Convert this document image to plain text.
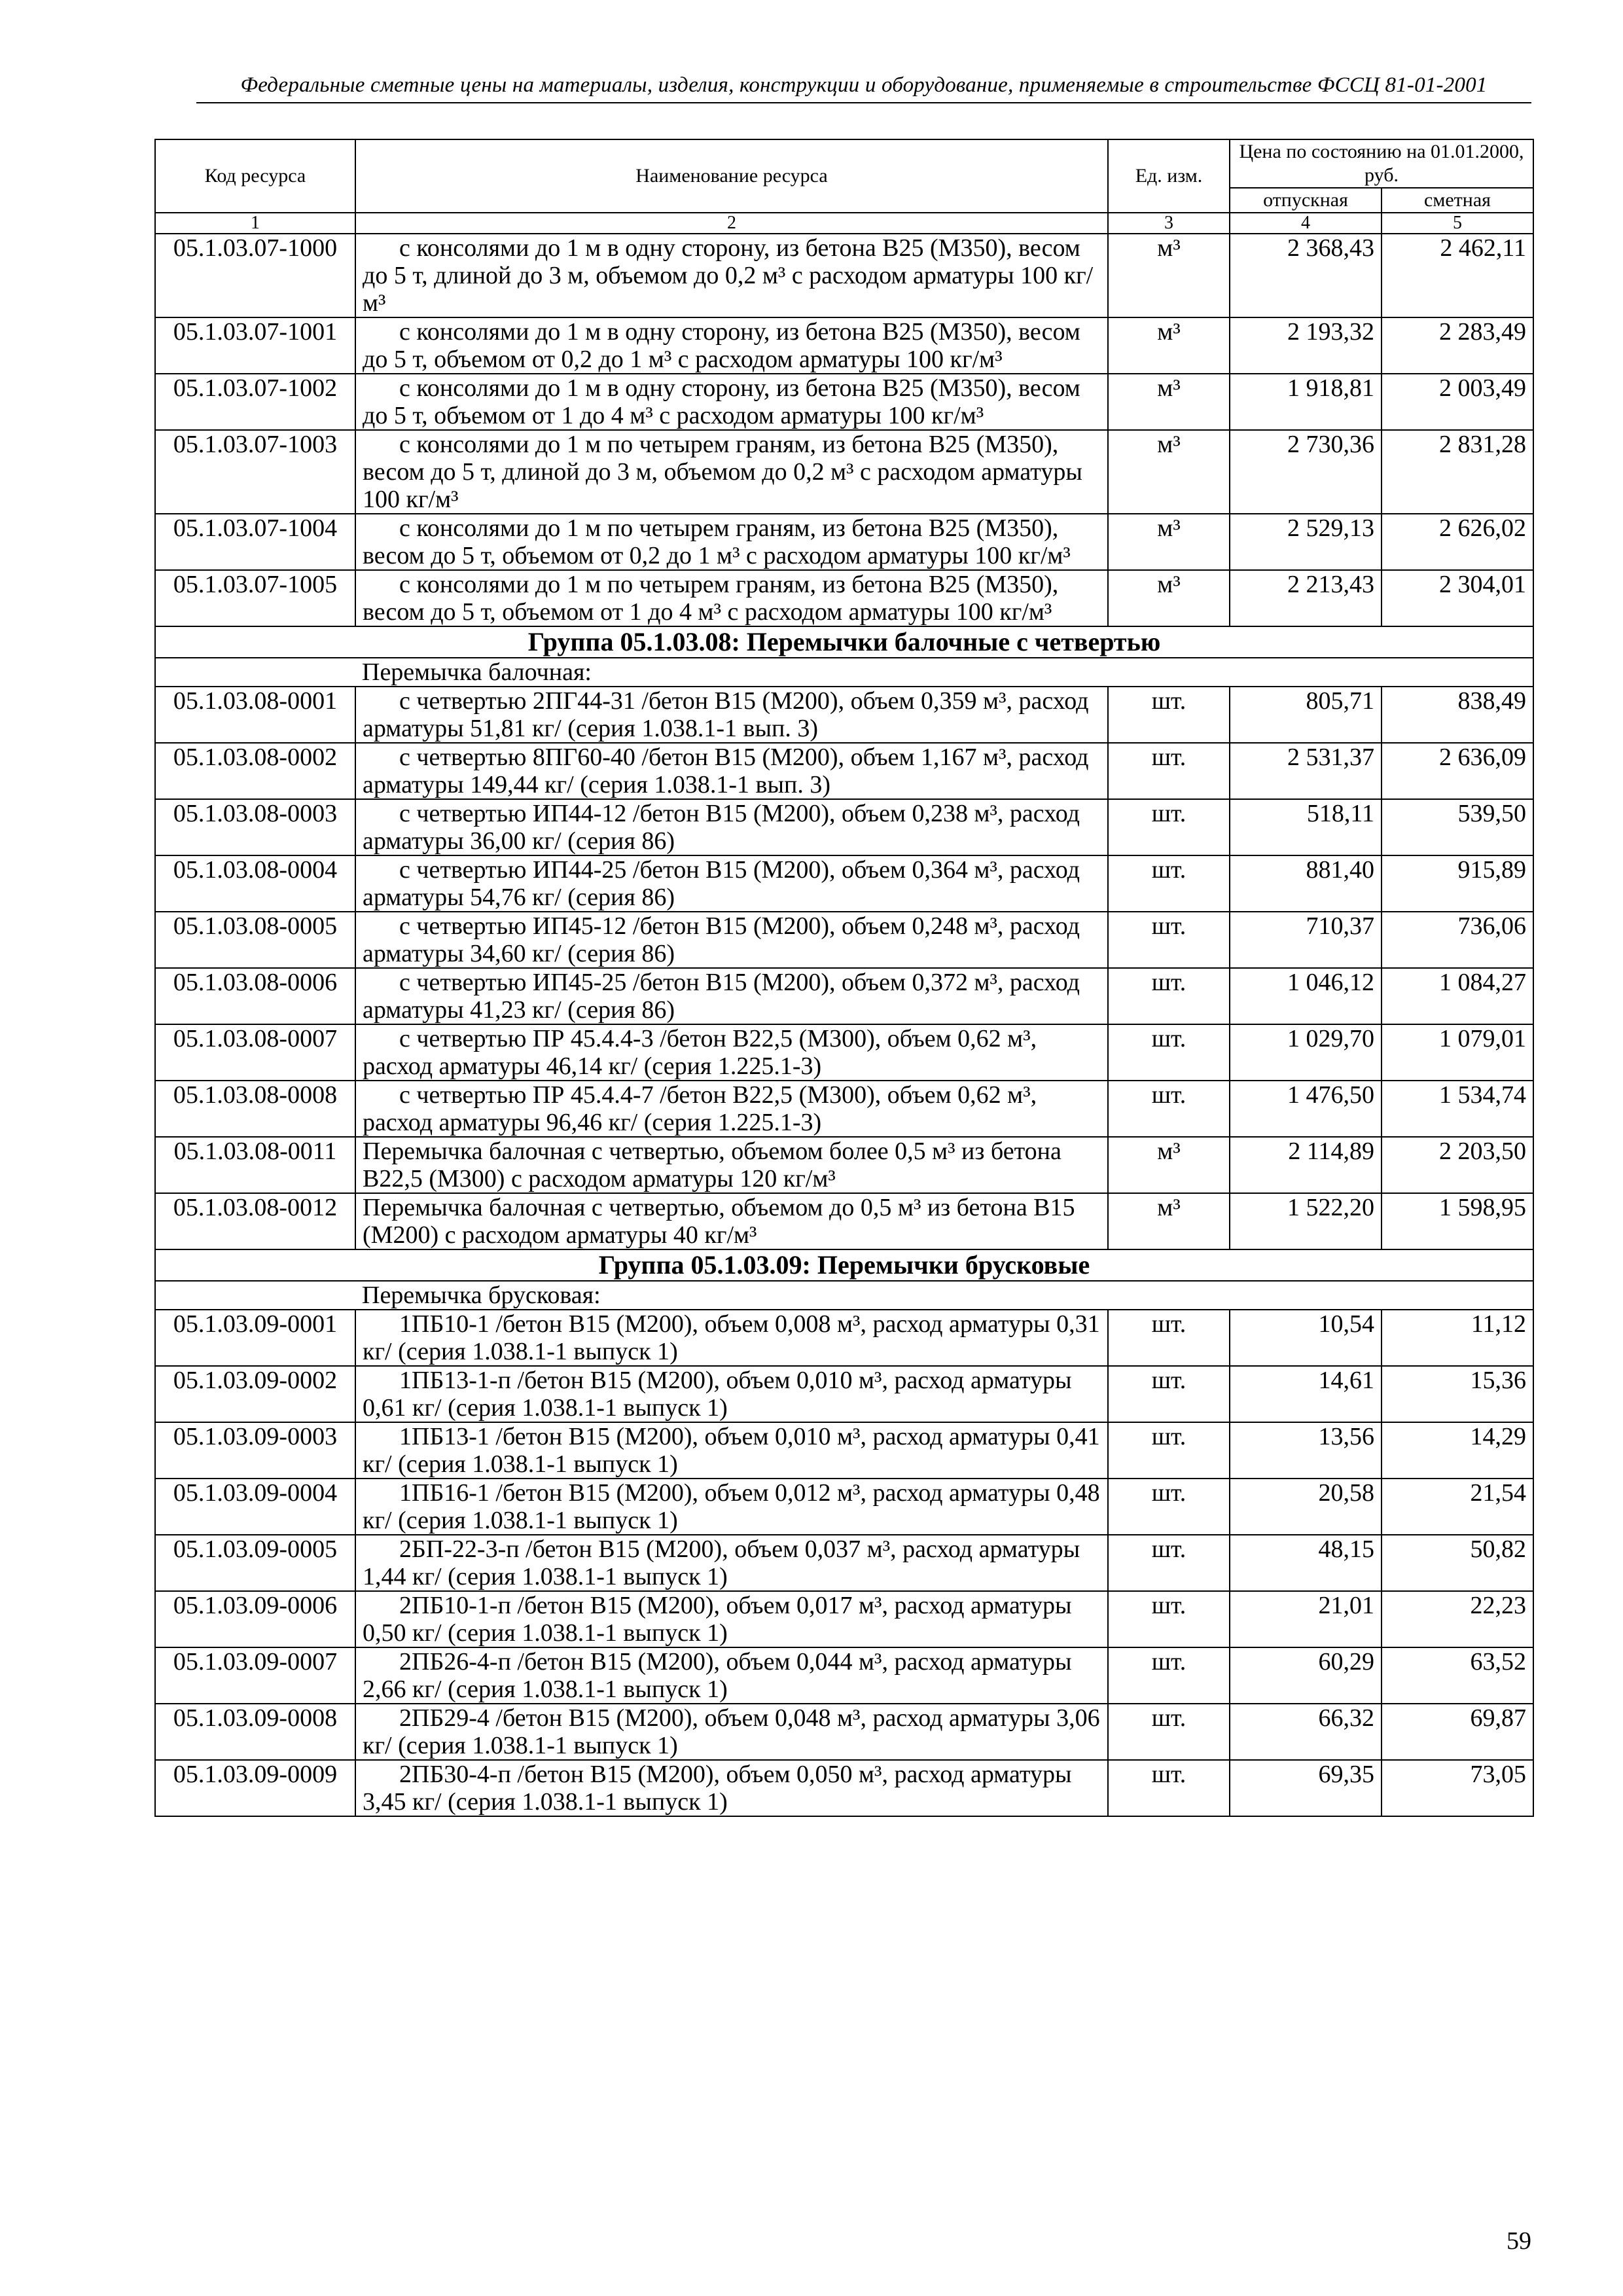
Федеральные сметные цены на материалы, изделия, конструкции и оборудование, применяемые в строительстве ФССЦ 81-01-2001
Код ресурса	Наименование ресурса	Ед. изм.	Цена по состоянию на 01.01.2000, руб.	
			отпускная	сметная
1	2	3	4	5
05.1.03.07-1000	с консолями до 1 м в одну сторону, из бетона В25 (М350), весом до 5 т, длиной до 3 м, объемом до 0,2 м³ с расходом арматуры 100 кг/м³	м³	2 368,43	2 462,11
05.1.03.07-1001	с консолями до 1 м в одну сторону, из бетона В25 (М350), весом до 5 т, объемом от 0,2 до 1 м³ с расходом арматуры 100 кг/м³	м³	2 193,32	2 283,49
05.1.03.07-1002	с консолями до 1 м в одну сторону, из бетона В25 (М350), весом до 5 т, объемом от 1 до 4 м³ с расходом арматуры 100 кг/м³	м³	1 918,81	2 003,49
05.1.03.07-1003	с консолями до 1 м по четырем граням, из бетона В25 (М350), весом до 5 т, длиной до 3 м, объемом до 0,2 м³ с расходом арматуры 100 кг/м³	м³	2 730,36	2 831,28
05.1.03.07-1004	с консолями до 1 м по четырем граням, из бетона В25 (М350), весом до 5 т, объемом от 0,2 до 1 м³ с расходом арматуры 100 кг/м³	м³	2 529,13	2 626,02
05.1.03.07-1005	с консолями до 1 м по четырем граням, из бетона В25 (М350), весом до 5 т, объемом от 1 до 4 м³ с расходом арматуры 100 кг/м³	м³	2 213,43	2 304,01
Группа 05.1.03.08: Перемычки балочные с четвертью				
	Перемычка балочная:			
05.1.03.08-0001	с четвертью 2ПГ44-31 /бетон В15 (М200), объем 0,359 м³, расход арматуры 51,81 кг/ (серия 1.038.1-1 вып. 3)	шт.	805,71	838,49
05.1.03.08-0002	с четвертью 8ПГ60-40 /бетон В15 (М200), объем 1,167 м³, расход арматуры 149,44 кг/ (серия 1.038.1-1 вып. 3)	шт.	2 531,37	2 636,09
05.1.03.08-0003	с четвертью ИП44-12 /бетон В15 (М200), объем 0,238 м³, расход арматуры 36,00 кг/ (серия 86)	шт.	518,11	539,50
05.1.03.08-0004	с четвертью ИП44-25 /бетон В15 (М200), объем 0,364 м³, расход арматуры 54,76 кг/ (серия 86)	шт.	881,40	915,89
05.1.03.08-0005	с четвертью ИП45-12 /бетон В15 (М200), объем 0,248 м³, расход арматуры 34,60 кг/ (серия 86)	шт.	710,37	736,06
05.1.03.08-0006	с четвертью ИП45-25 /бетон В15 (М200), объем 0,372 м³, расход арматуры 41,23 кг/ (серия 86)	шт.	1 046,12	1 084,27
05.1.03.08-0007	с четвертью ПР 45.4.4-3 /бетон В22,5 (М300), объем 0,62 м³, расход арматуры 46,14 кг/ (серия 1.225.1-3)	шт.	1 029,70	1 079,01
05.1.03.08-0008	с четвертью ПР 45.4.4-7 /бетон В22,5 (М300), объем 0,62 м³, расход арматуры 96,46 кг/ (серия 1.225.1-3)	шт.	1 476,50	1 534,74
05.1.03.08-0011	Перемычка балочная с четвертью, объемом более 0,5 м³ из бетона В22,5 (М300) с расходом арматуры 120 кг/м³	м³	2 114,89	2 203,50
05.1.03.08-0012	Перемычка балочная с четвертью, объемом до 0,5 м³ из бетона В15 (М200) с расходом арматуры 40 кг/м³	м³	1 522,20	1 598,95
Группа 05.1.03.09: Перемычки брусковые				
	Перемычка брусковая:			
05.1.03.09-0001	1ПБ10-1 /бетон В15 (М200), объем 0,008 м³, расход арматуры 0,31 кг/ (серия 1.038.1-1 выпуск 1)	шт.	10,54	11,12
05.1.03.09-0002	1ПБ13-1-п /бетон В15 (М200), объем 0,010 м³, расход арматуры 0,61 кг/ (серия 1.038.1-1 выпуск 1)	шт.	14,61	15,36
05.1.03.09-0003	1ПБ13-1 /бетон В15 (М200), объем 0,010 м³, расход арматуры 0,41 кг/ (серия 1.038.1-1 выпуск 1)	шт.	13,56	14,29
05.1.03.09-0004	1ПБ16-1 /бетон В15 (М200), объем 0,012 м³, расход арматуры 0,48 кг/ (серия 1.038.1-1 выпуск 1)	шт.	20,58	21,54
05.1.03.09-0005	2БП-22-3-п /бетон В15 (М200), объем 0,037 м³, расход арматуры 1,44 кг/ (серия 1.038.1-1 выпуск 1)	шт.	48,15	50,82
05.1.03.09-0006	2ПБ10-1-п /бетон В15 (М200), объем 0,017 м³, расход арматуры 0,50 кг/ (серия 1.038.1-1 выпуск 1)	шт.	21,01	22,23
05.1.03.09-0007	2ПБ26-4-п /бетон В15 (М200), объем 0,044 м³, расход арматуры 2,66 кг/ (серия 1.038.1-1 выпуск 1)	шт.	60,29	63,52
05.1.03.09-0008	2ПБ29-4 /бетон В15 (М200), объем 0,048 м³, расход арматуры 3,06 кг/ (серия 1.038.1-1 выпуск 1)	шт.	66,32	69,87
05.1.03.09-0009	2ПБ30-4-п /бетон В15 (М200), объем 0,050 м³, расход арматуры 3,45 кг/ (серия 1.038.1-1 выпуск 1)	шт.	69,35	73,05
59
